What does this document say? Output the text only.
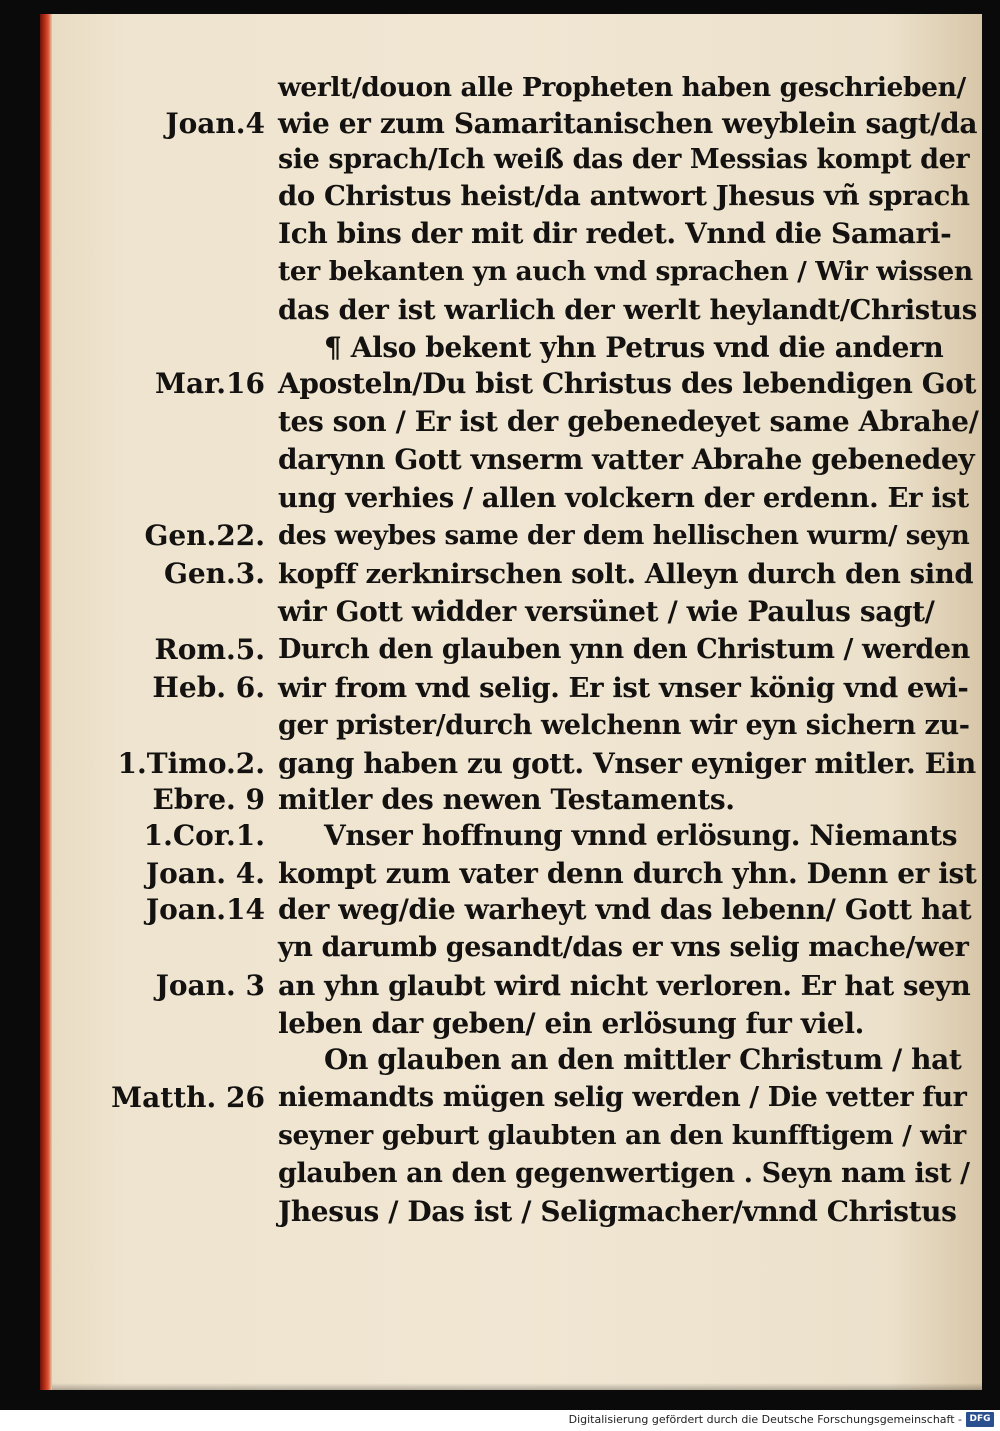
werlt/douon alle Propheten haben geschrieben/
wie er zum Samaritanischen weyblein sagt/da
sie sprach/Ich weiß das der Messias kompt der
do Christus heist/da antwort Jhesus vñ sprach
Ich bins der mit dir redet. Vnnd die Samari-
ter bekanten yn auch vnd sprachen / Wir wissen
das der ist warlich der werlt heylandt/Christus
¶ Also bekent yhn Petrus vnd die andern
Aposteln/Du bist Christus des lebendigen Got
tes son / Er ist der gebenedeyet same Abrahe/
darynn Gott vnserm vatter Abrahe gebenedey
ung verhies / allen volckern der erdenn. Er ist
des weybes same der dem hellischen wurm/ seyn
kopff zerknirschen solt. Alleyn durch den sind
wir Gott widder versünet / wie Paulus sagt/
Durch den glauben ynn den Christum / werden
wir from vnd selig. Er ist vnser könig vnd ewi-
ger prister/durch welchenn wir eyn sichern zu-
gang haben zu gott. Vnser eyniger mitler. Ein
mitler des newen Testaments.
Vnser hoffnung vnnd erlösung. Niemants
kompt zum vater denn durch yhn. Denn er ist
der weg/die warheyt vnd das lebenn/ Gott hat
yn darumb gesandt/das er vns selig mache/wer
an yhn glaubt wird nicht verloren. Er hat seyn
leben dar geben/ ein erlösung fur viel.
On glauben an den mittler Christum / hat
niemandts mügen selig werden / Die vetter fur
seyner geburt glaubten an den kunfftigem / wir
glauben an den gegenwertigen . Seyn nam ist /
Jhesus / Das ist / Seligmacher/vnnd Christus
Joan.4
Mar.16
Gen.22.
Gen.3.
Rom.5.
Heb. 6.
1.Timo.2.
Ebre. 9
1.Cor.1.
Joan. 4.
Joan.14
Joan. 3
Matth. 26
Digitalisierung gefördert durch die Deutsche Forschungsgemeinschaft - DFG
